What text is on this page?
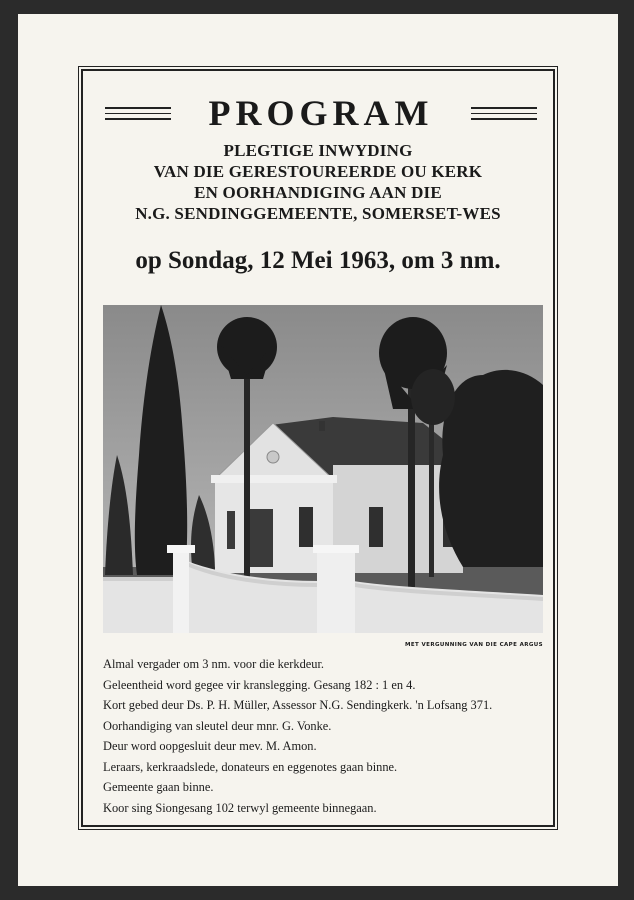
PROGRAM
PLEGTIGE INWYDING
VAN DIE GERESTOUREERDE OU KERK
EN OORHANDIGING AAN DIE
N.G. SENDINGGEMEENTE, SOMERSET-WES
op Sondag, 12 Mei 1963, om 3 nm.
MET VERGUNNING VAN DIE CAPE ARGUS
Almal vergader om 3 nm. voor die kerkdeur.
Geleentheid word gegee vir kranslegging. Gesang 182 : 1 en 4.
Kort gebed deur Ds. P. H. Müller, Assessor N.G. Sendingkerk. 'n Lofsang 371.
Oorhandiging van sleutel deur mnr. G. Vonke.
Deur word oopgesluit deur mev. M. Amon.
Leraars, kerkraadslede, donateurs en eggenotes gaan binne.
Gemeente gaan binne.
Koor sing Siongesang 102 terwyl gemeente binnegaan.
